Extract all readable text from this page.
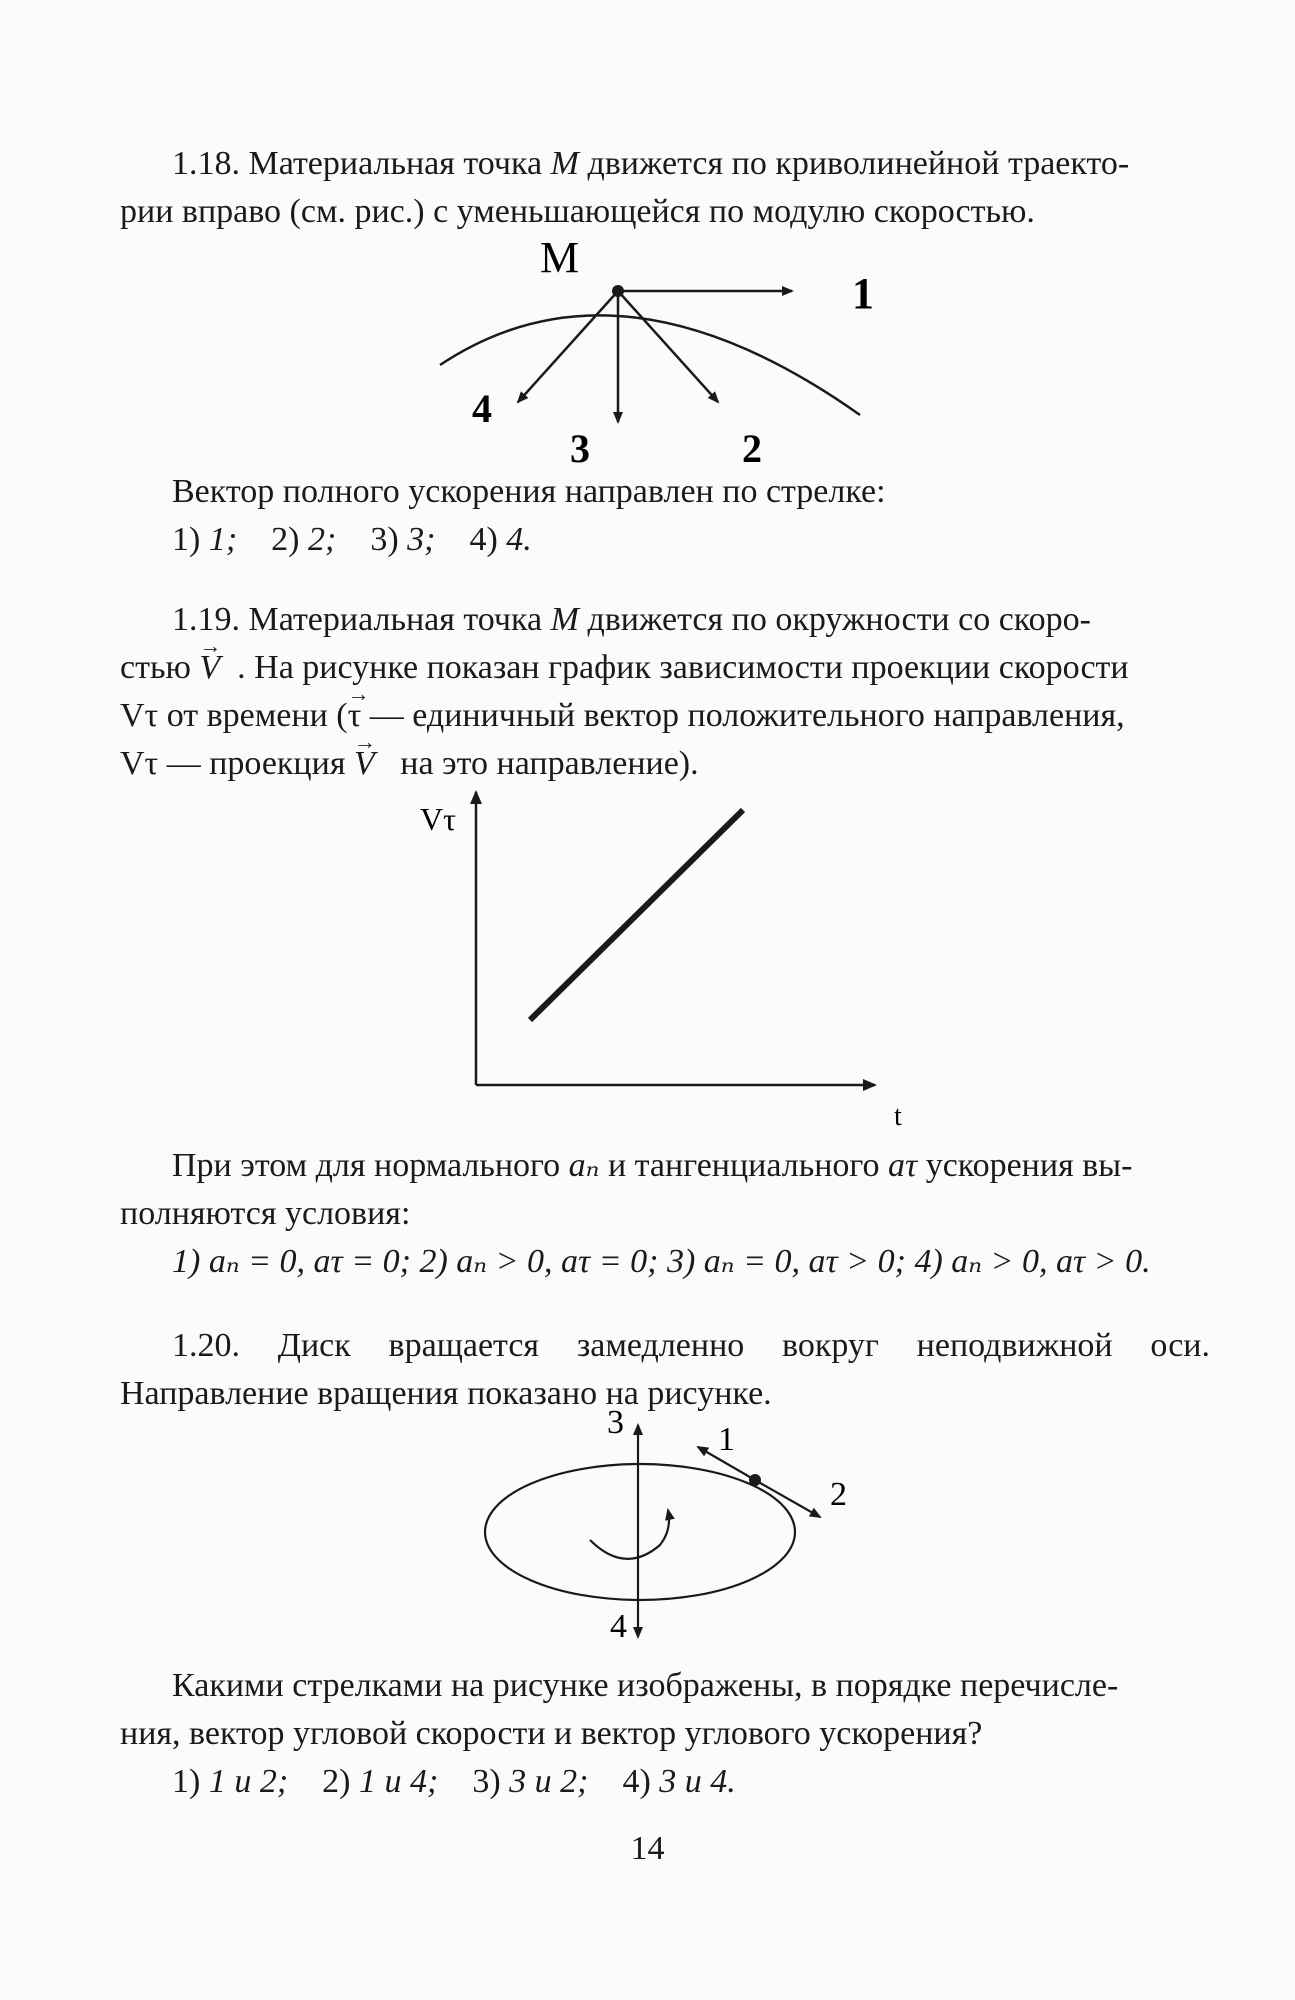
1.18. Материальная точка M движется по криволинейной траекто-

рии вправо (см. рис.) с уменьшающейся по модулю скоростью.

M
1
2
3
4

Вектор полного ускорения направлен по стрелке:

1) 1; 2) 2; 3) 3; 4) 4.

1.19. Материальная точка M движется по окружности со скоро-

стью → V . На рисунке показан график зависимости проекции скорости

Vτ от времени (→ τ — единичный вектор положительного направления,

Vτ — проекция → V на это направление).

Vτ
t

При этом для нормального aₙ и тангенциального aτ ускорения вы-

полняются условия:

1) aₙ = 0, aτ = 0; 2) aₙ > 0, aτ = 0; 3) aₙ = 0, aτ > 0; 4) aₙ > 0, aτ > 0.

1.20. Диск вращается замедленно вокруг неподвижной оси.

Направление вращения показано на рисунке.

1
2
3
4

Какими стрелками на рисунке изображены, в порядке перечисле-

ния, вектор угловой скорости и вектор углового ускорения?

1) 1 и 2; 2) 1 и 4; 3) 3 и 2; 4) 3 и 4.

14
